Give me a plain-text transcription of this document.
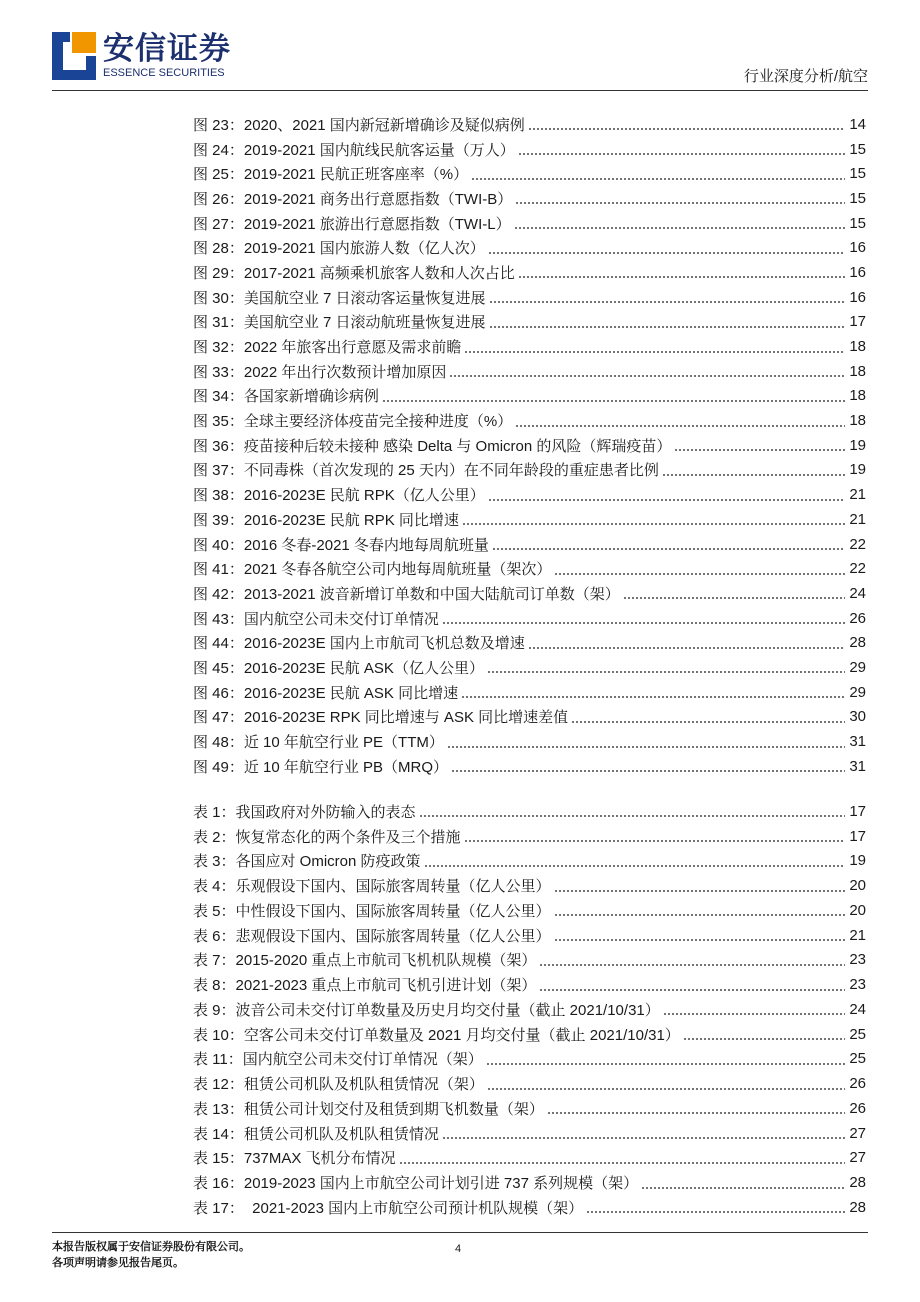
安信证券
ESSENCE SECURITIES	行业深度分析/航空
图 23：2020、2021 国内新冠新增确诊及疑似病例	14
图 24：2019-2021 国内航线民航客运量（万人）	15
图 25：2019-2021 民航正班客座率（%）	15
图 26：2019-2021 商务出行意愿指数（TWI-B）	15
图 27：2019-2021 旅游出行意愿指数（TWI-L）	15
图 28：2019-2021 国内旅游人数（亿人次）	16
图 29：2017-2021 高频乘机旅客人数和人次占比	16
图 30：美国航空业 7 日滚动客运量恢复进展	16
图 31：美国航空业 7 日滚动航班量恢复进展	17
图 32：2022 年旅客出行意愿及需求前瞻	18
图 33：2022 年出行次数预计增加原因	18
图 34：各国家新增确诊病例	18
图 35：全球主要经济体疫苗完全接种进度（%）	18
图 36：疫苗接种后较未接种 感染 Delta 与 Omicron 的风险（辉瑞疫苗）	19
图 37：不同毒株（首次发现的 25 天内）在不同年龄段的重症患者比例	19
图 38：2016-2023E 民航 RPK（亿人公里）	21
图 39：2016-2023E 民航 RPK 同比增速	21
图 40：2016 冬春-2021 冬春内地每周航班量	22
图 41：2021 冬春各航空公司内地每周航班量（架次）	22
图 42：2013-2021 波音新增订单数和中国大陆航司订单数（架）	24
图 43：国内航空公司未交付订单情况	26
图 44：2016-2023E 国内上市航司飞机总数及增速	28
图 45：2016-2023E 民航 ASK（亿人公里）	29
图 46：2016-2023E 民航 ASK 同比增速	29
图 47：2016-2023E RPK 同比增速与 ASK 同比增速差值	30
图 48：近 10 年航空行业 PE（TTM）	31
图 49：近 10 年航空行业 PB（MRQ）	31
表 1：我国政府对外防输入的表态	17
表 2：恢复常态化的两个条件及三个措施	17
表 3：各国应对 Omicron 防疫政策	19
表 4：乐观假设下国内、国际旅客周转量（亿人公里）	20
表 5：中性假设下国内、国际旅客周转量（亿人公里）	20
表 6：悲观假设下国内、国际旅客周转量（亿人公里）	21
表 7：2015-2020 重点上市航司飞机机队规模（架）	23
表 8：2021-2023 重点上市航司飞机引进计划（架）	23
表 9：波音公司未交付订单数量及历史月均交付量（截止 2021/10/31）	24
表 10：空客公司未交付订单数量及 2021 月均交付量（截止 2021/10/31）	25
表 11：国内航空公司未交付订单情况（架）	25
表 12：租赁公司机队及机队租赁情况（架）	26
表 13：租赁公司计划交付及租赁到期飞机数量（架）	26
表 14：租赁公司机队及机队租赁情况	27
表 15：737MAX 飞机分布情况	27
表 16：2019-2023 国内上市航空公司计划引进 737 系列规模（架）	28
表 17：  2021-2023 国内上市航空公司预计机队规模（架）	28
本报告版权属于安信证券股份有限公司。
各项声明请参见报告尾页。
4
